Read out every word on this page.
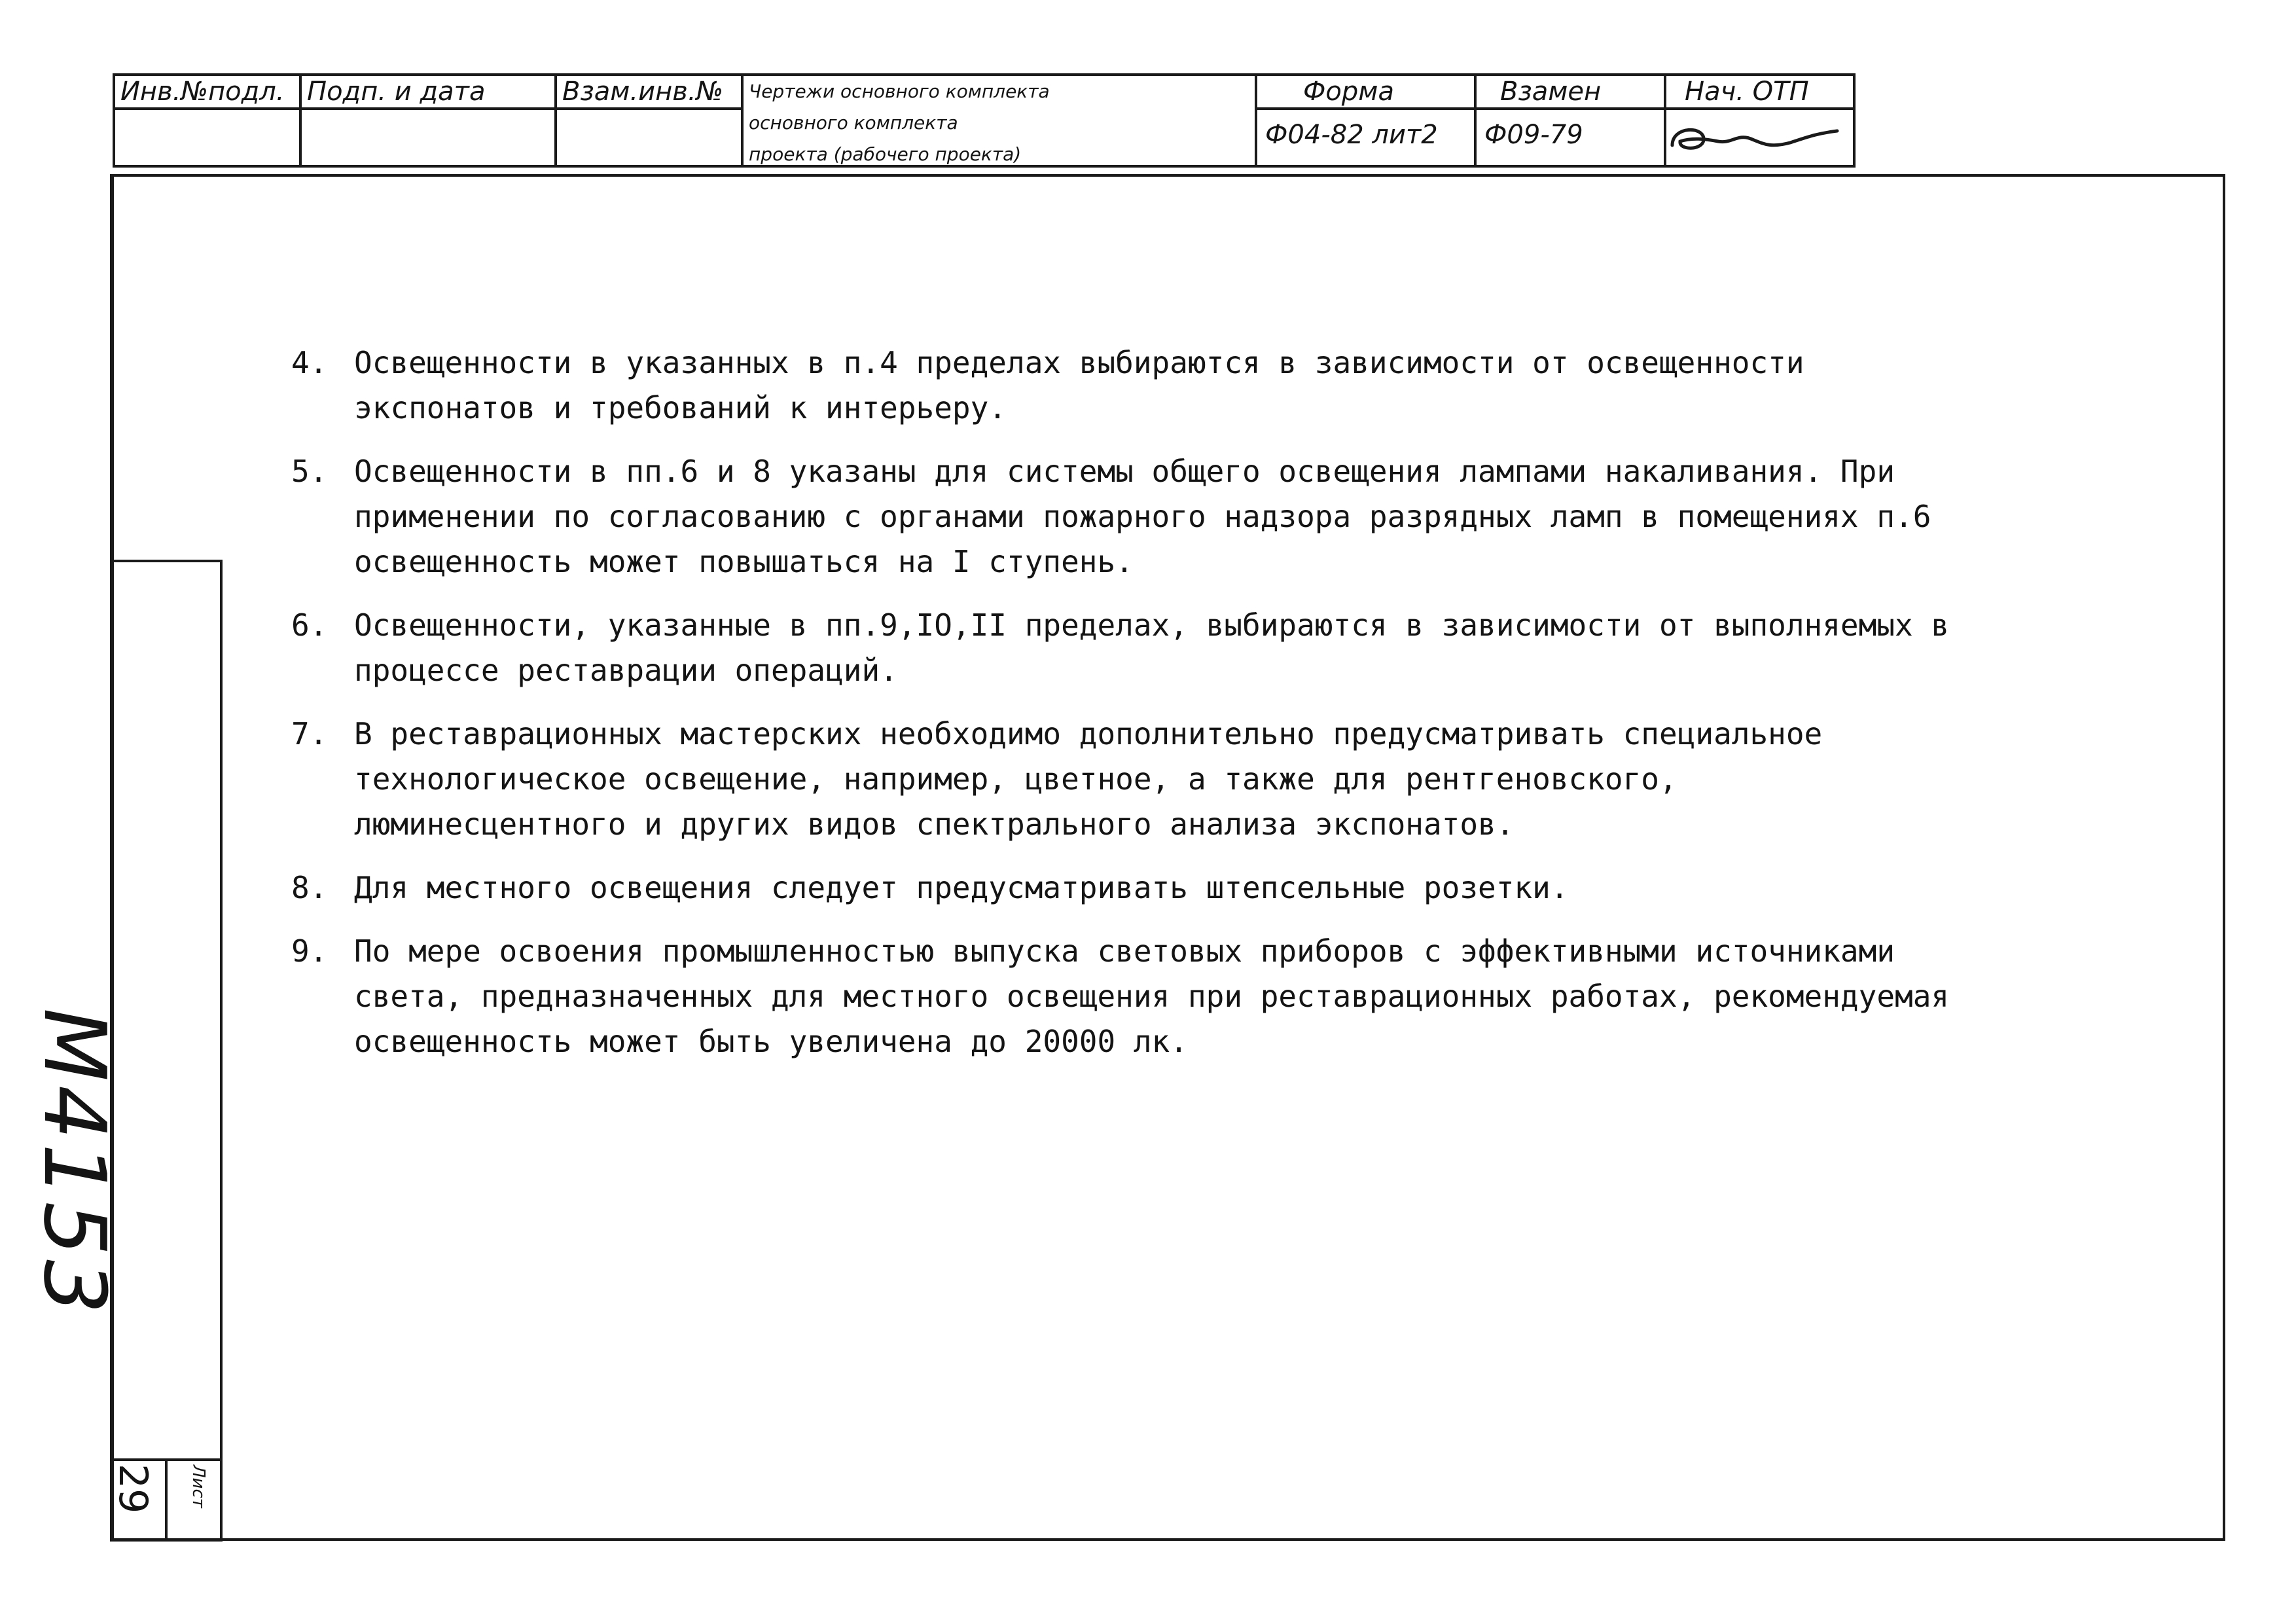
Инв.№подл. Подп. и дата	Взам.инв.№	Чертежи основного комплекта
основного комплекта
проекта (рабочего проекта)
Форма
Ф04-82 лит2
Взамен
Ф09-79
Нач. ОТП
М4153
29 Лист
4. Освещенности в указанных в п.4 пределах выбираются в зависимости от освещенности экспонатов и требований к интерьеру.
5. Освещенности в пп.6 и 8 указаны для системы общего освещения лампами накаливания. При применении по согласованию с органами пожарного надзора разрядных ламп в помещениях п.6 освещенность может повышаться на I ступень.
6. Освещенности, указанные в пп.9,IO,II пределах, выбираются в зависимости от выполняемых в процессе реставрации операций.
7. В реставрационных мастерских необходимо дополнительно предусматривать специальное технологическое освещение, например, цветное, а также для рентгеновского, люминесцентного и других видов спектрального анализа экспонатов.
8. Для местного освещения следует предусматривать штепсельные розетки.
9. По мере освоения промышленностью выпуска световых приборов с эффективными источниками света, предназначенных для местного освещения при реставрационных работах, рекомендуемая освещенность может быть увеличена до 20000 лк.
